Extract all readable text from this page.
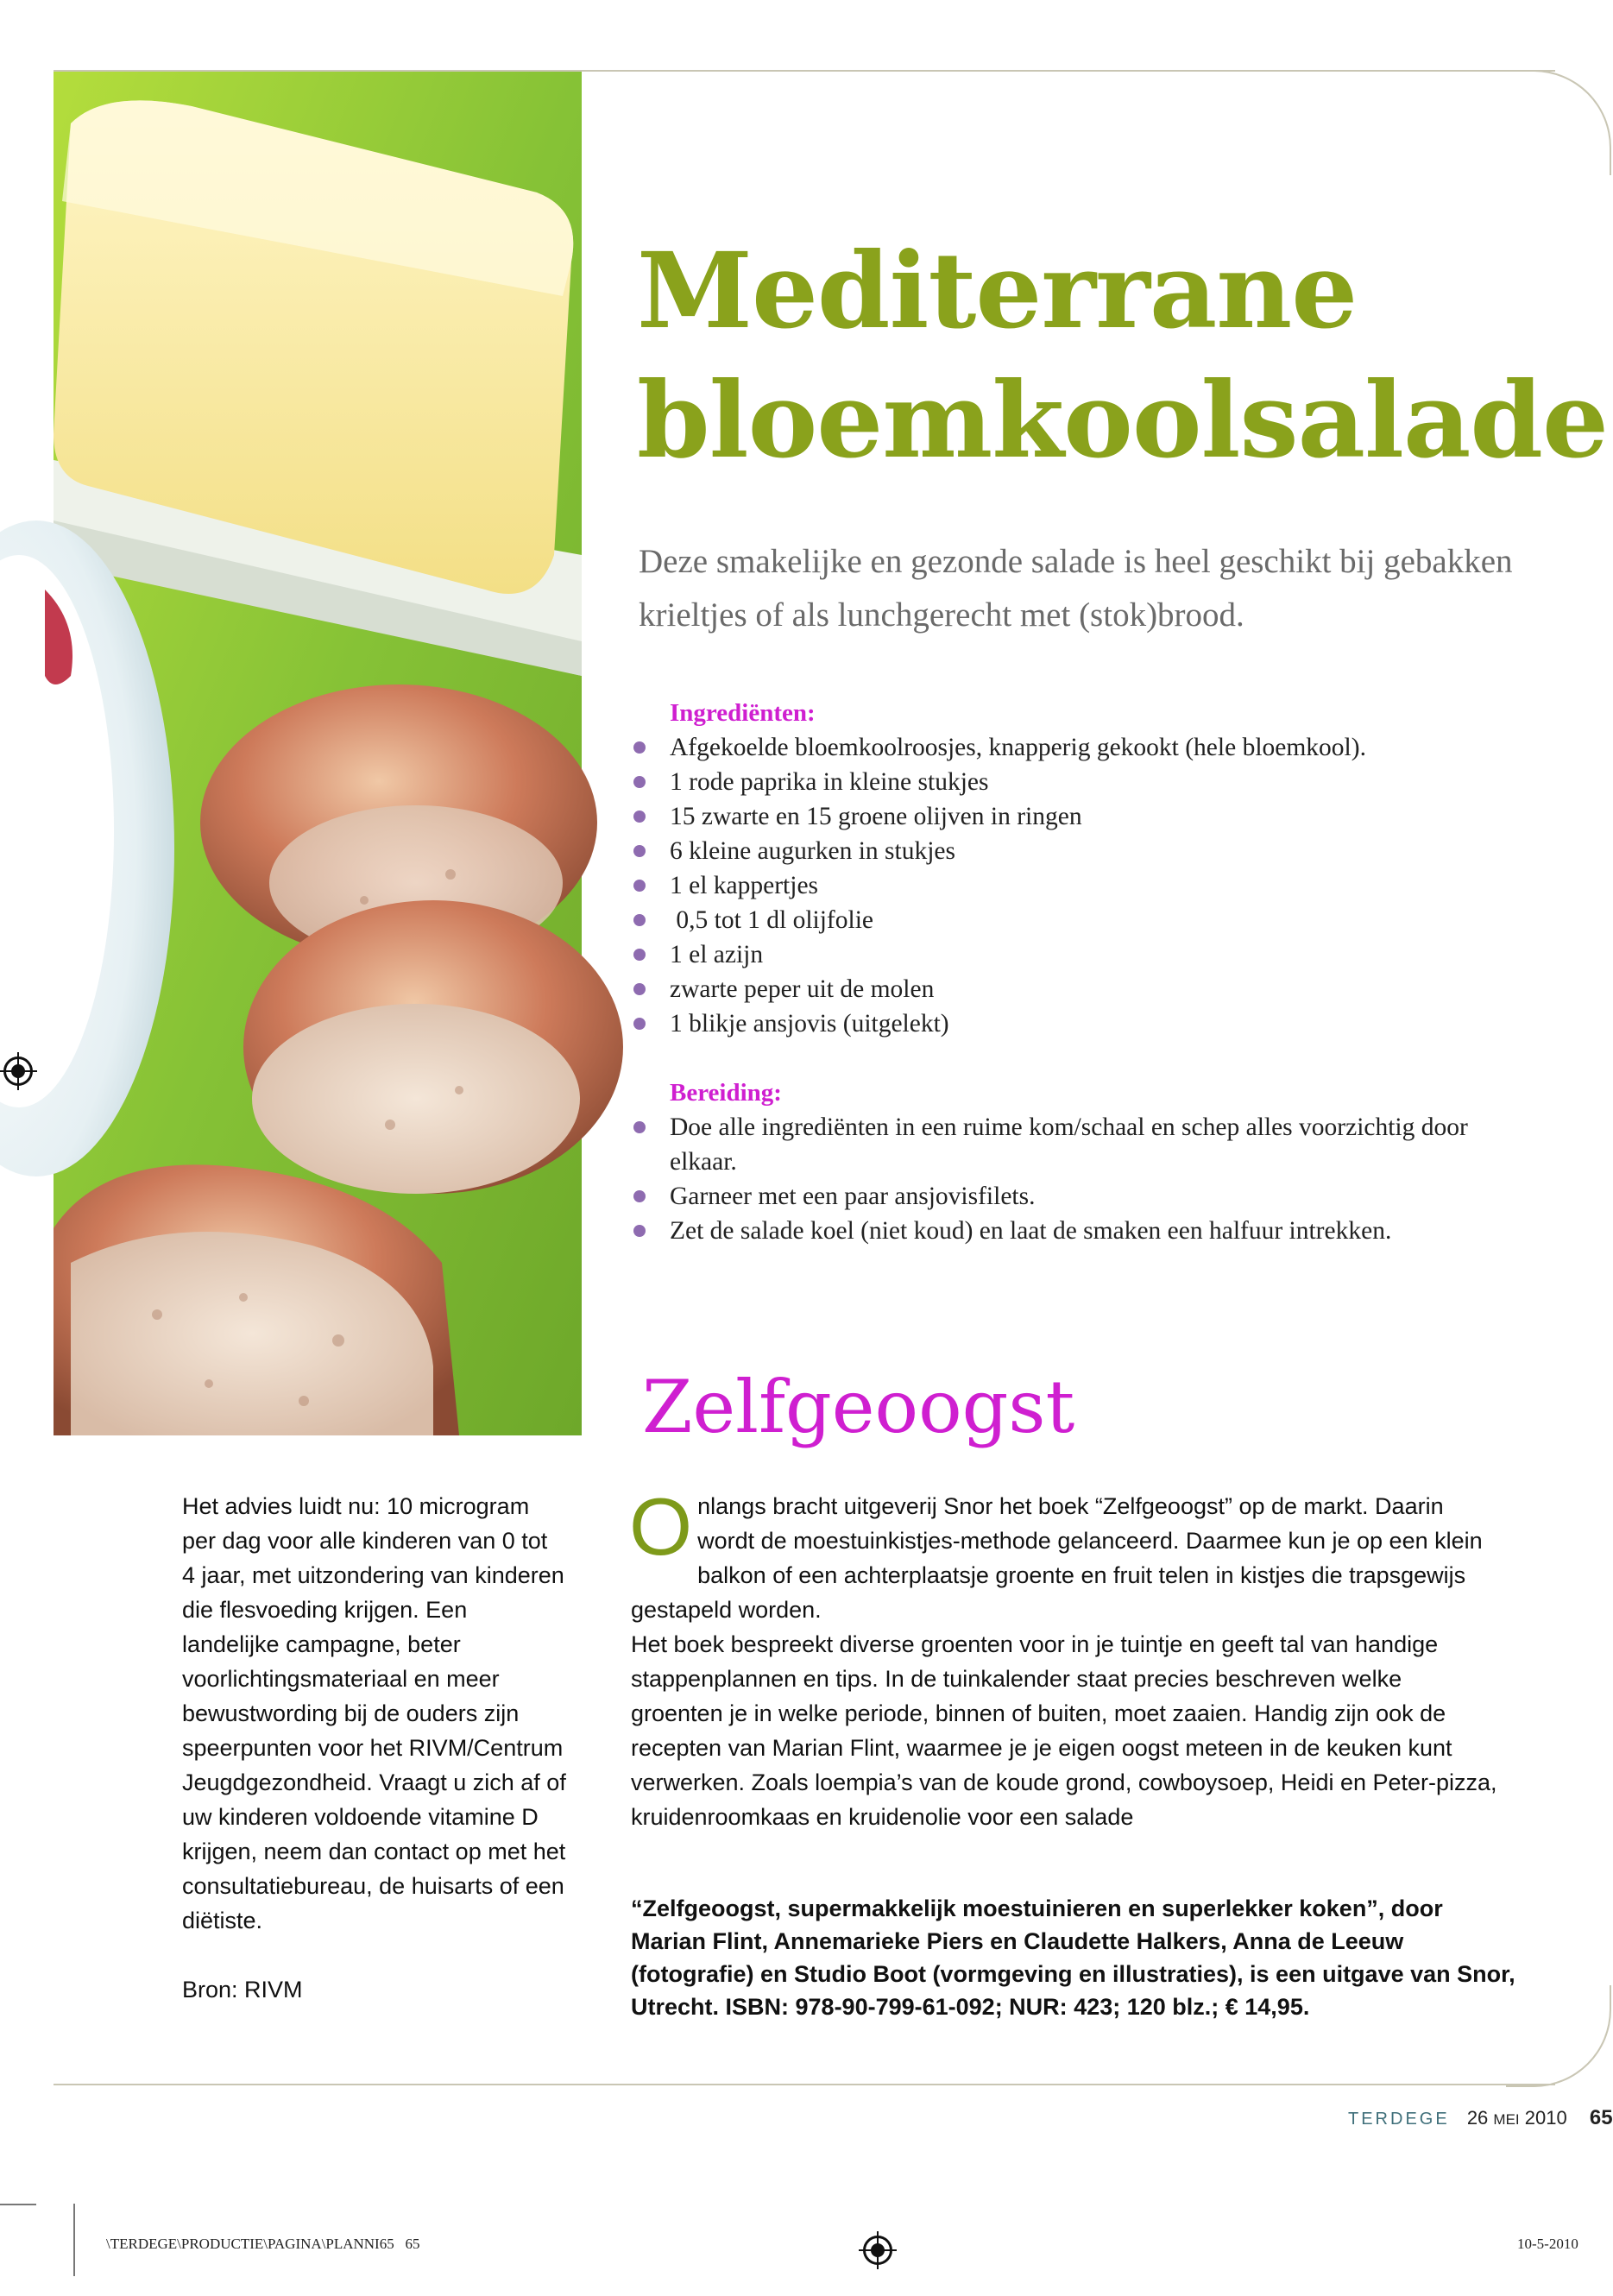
Mediterrane
bloemkoolsalade

Deze smakelijke en gezonde salade is heel geschikt bij gebakken krieltjes of als lunchgerecht met (stok)brood.

Ingrediënten:
Afgekoelde bloemkoolroosjes, knapperig gekookt (hele bloemkool).
1 rode paprika in kleine stukjes
15 zwarte en 15 groene olijven in ringen
6 kleine augurken in stukjes
1 el kappertjes
0,5 tot 1 dl olijfolie
1 el azijn
zwarte peper uit de molen
1 blikje ansjovis (uitgelekt)
Bereiding:
Doe alle ingrediënten in een ruime kom/schaal en schep alles voorzichtig door elkaar.
Garneer met een paar ansjovisfilets.
Zet de salade koel (niet koud) en laat de smaken een halfuur intrekken.
Zelfgeoogst

Het advies luidt nu: 10 microgram per dag voor alle kinderen van 0 tot 4 jaar, met uitzondering van kinderen die flesvoeding krijgen. Een landelijke campagne, beter voorlichtingsmateriaal en meer bewustwording bij de ouders zijn speerpunten voor het RIVM/Centrum Jeugdgezondheid. Vraagt u zich af of uw kinderen voldoende vitamine D krijgen, neem dan contact op met het consultatiebureau, de huisarts of een diëtiste.

Bron: RIVM

Onlangs bracht uitgeverij Snor het boek “Zelfgeoogst” op de markt. Daarin wordt de moestuinkistjes-methode gelanceerd. Daarmee kun je op een klein balkon of een achterplaatsje groente en fruit telen in kistjes die trapsgewijs gestapeld worden.

Het boek bespreekt diverse groenten voor in je tuintje en geeft tal van handige stappenplannen en tips. In de tuinkalender staat precies beschreven welke groenten je in welke periode, binnen of buiten, moet zaaien. Handig zijn ook de recepten van Marian Flint, waarmee je je eigen oogst meteen in de keuken kunt verwerken. Zoals loempia’s van de koude grond, cowboysoep, Heidi en Peter-pizza, kruidenroomkaas en kruidenolie voor een salade

“Zelfgeoogst, supermakkelijk moestuinieren en superlekker koken”, door Marian Flint, Annemarieke Piers en Claudette Halkers, Anna de Leeuw (fotografie) en Studio Boot (vormgeving en illustraties), is een uitgave van Snor, Utrecht. ISBN: 978-90-799-61-092; NUR: 423; 120 blz.; € 14,95.

TERDEGE 26 MEI 2010 65
\TERDEGE\PRODUCTIE\PAGINA\PLANNI65   65	10-5-2010
